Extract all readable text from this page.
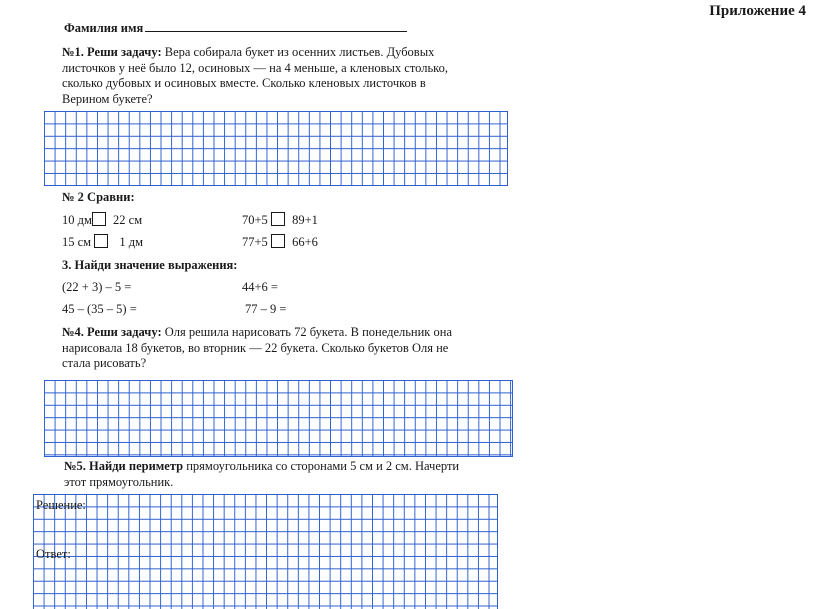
Приложение 4
Фамилия имя
№1. Реши задачу: Вера собирала букет из осенних листьев. Дубовых
листочков у неё было 12, осиновых — на 4 меньше, а кленовых столько,
сколько дубовых и осиновых вместе. Сколько кленовых листочков в
Верином букете?
№ 2 Сравни:
10 дм 22 см	70+5 89+1
15 см 1 дм	77+5 66+6
3. Найди значение выражения:
(22 + 3) – 5 =	44+6 =
45 – (35 – 5) =	77 – 9 =
№4. Реши задачу: Оля решила нарисовать 72 букета. В понедельник она
нарисовала 18 букетов, во вторник — 22 букета. Сколько букетов Оля не
стала рисовать?
№5. Найди периметр прямоугольника со сторонами 5 см и 2 см. Начерти
этот прямоугольник.
Решение:
Ответ:
